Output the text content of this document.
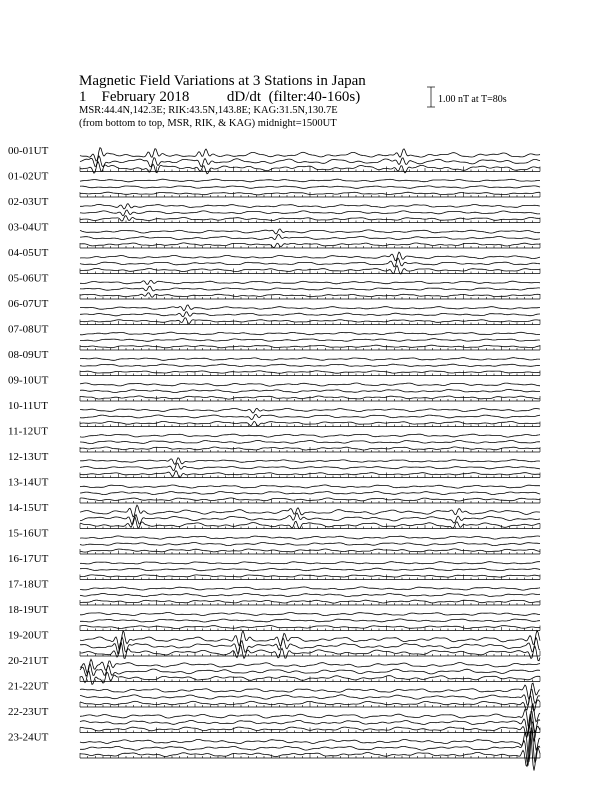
Magnetic Field Variations at 3 Stations in Japan
1    February 2018          dD/dt  (filter:40-160s)
MSR:44.4N,142.3E; RIK:43.5N,143.8E; KAG:31.5N,130.7E
(from bottom to top, MSR, RIK, & KAG) midnight=1500UT
1.00 nT at T=80s
00-01UT
01-02UT
02-03UT
03-04UT
04-05UT
05-06UT
06-07UT
07-08UT
08-09UT
09-10UT
10-11UT
11-12UT
12-13UT
13-14UT
14-15UT
15-16UT
16-17UT
17-18UT
18-19UT
19-20UT
20-21UT
21-22UT
22-23UT
23-24UT
